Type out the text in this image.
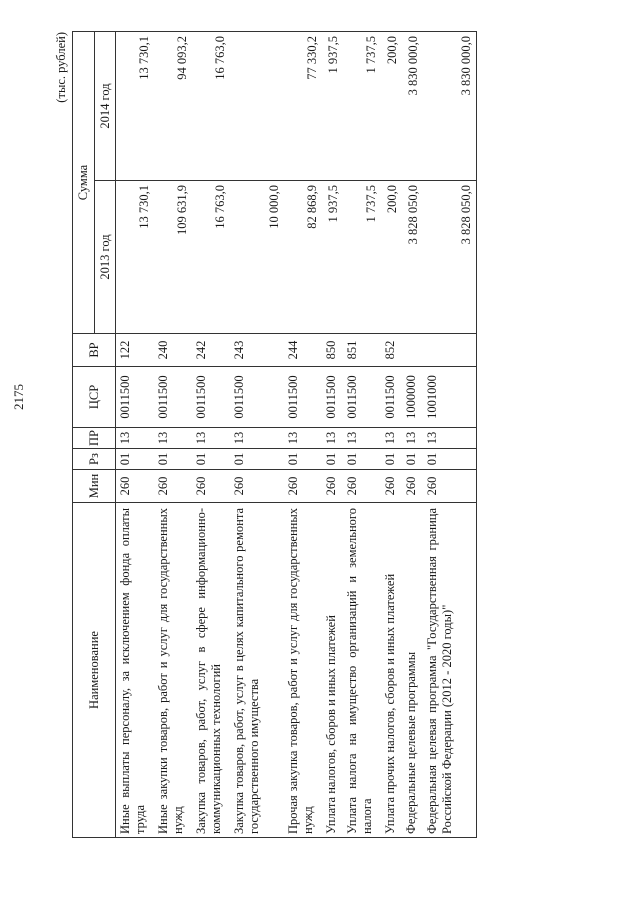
2175
(тыс. рублей)
Наименование	Мин	Рз	ПР	ЦСР	ВР	Сумма	
						2013 год	2014 год
Иные выплаты персоналу, за исключением фонда оплаты труда	260	01	13	0011500	122	13 730,1	13 730,1
Иные закупки товаров, работ и услуг для государственных нужд	260	01	13	0011500	240	109 631,9	94 093,2
Закупка товаров, работ, услуг в сфере информационно-коммуникационных технологий	260	01	13	0011500	242	16 763,0	16 763,0
Закупка товаров, работ, услуг в целях капитального ремонта государственного имущества	260	01	13	0011500	243	10 000,0	
Прочая закупка товаров, работ и услуг для государственных нужд	260	01	13	0011500	244	82 868,9	77 330,2
Уплата налогов, сборов и иных платежей	260	01	13	0011500	850	1 937,5	1 937,5
Уплата налога на имущество организаций и земельного налога	260	01	13	0011500	851	1 737,5	1 737,5
Уплата прочих налогов, сборов и иных платежей	260	01	13	0011500	852	200,0	200,0
Федеральные целевые программы	260	01	13	1000000		3 828 050,0	3 830 000,0
Федеральная целевая программа "Государственная граница Российской Федерации (2012 - 2020 годы)"	260	01	13	1001000		3 828 050,0	3 830 000,0
